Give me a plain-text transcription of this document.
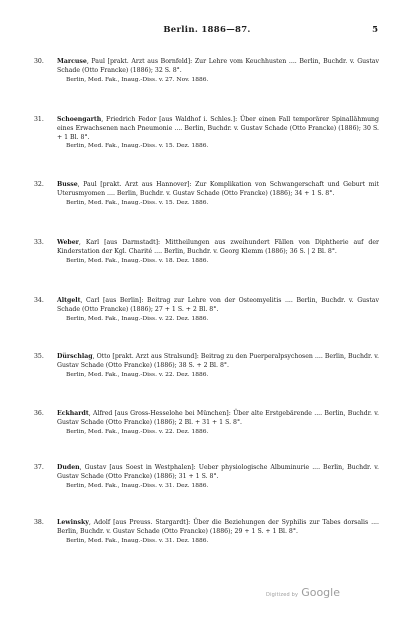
Berlin. 1886—87.	5
30. Marcuse, Paul [prakt. Arzt aus Bornfeld]: Zur Lehre vom Keuchhusten .... Berlin, Buchdr. v. Gustav Schade (Otto Francke) (1886); 32 S. 8°.
Berlin, Med. Fak., Inaug.-Diss. v. 27. Nov. 1886.
31. Schoengarth, Friedrich Fedor [aus Waldhof i. Schles.]: Über einen Fall temporärer Spinallähmung eines Erwachsenen nach Pneumonie .... Berlin, Buchdr. v. Gustav Schade (Otto Francke) (1886); 30 S. + 1 Bl. 8°.
Berlin, Med. Fak., Inaug.-Diss. v. 15. Dez. 1886.
32. Busse, Paul [prakt. Arzt aus Hannover]: Zur Komplikation von Schwangerschaft und Geburt mit Uterusmyomen .... Berlin, Buchdr. v. Gustav Schade (Otto Francke) (1886); 34 + 1 S. 8°.
Berlin, Med. Fak., Inaug.-Diss. v. 15. Dez. 1886.
33. Weber, Karl [aus Darmstadt]: Mittheilungen aus zweihundert Fällen von Diphtherie auf der Kinderstation der Kgl. Charité .... Berlin, Buchdr. v. Georg Klemm (1886); 36 S. | 2 Bl. 8°.
Berlin, Med. Fak., Inaug.-Diss. v. 18. Dez. 1886.
34. Altgelt, Carl [aus Berlin]: Beitrag zur Lehre von der Osteomyelitis .... Berlin, Buchdr. v. Gustav Schade (Otto Francke) (1886); 27 + 1 S. + 2 Bl. 8°.
Berlin, Med. Fak., Inaug.-Diss. v. 22. Dez. 1886.
35. Dürschlag, Otto [prakt. Arzt aus Stralsund]: Beitrag zu den Puerperalpsychosen .... Berlin, Buchdr. v. Gustav Schade (Otto Francke) (1886); 38 S. + 2 Bl. 8°.
Berlin, Med. Fak., Inaug.-Diss. v. 22. Dez. 1886.
36. Eckhardt, Alfred [aus Gross-Hesselohe bei München]: Über alte Erstgebärende .... Berlin, Buchdr. v. Gustav Schade (Otto Francke) (1886); 2 Bl. + 31 + 1 S. 8°.
Berlin, Med. Fak., Inaug.-Diss. v. 22. Dez. 1886.
37. Duden, Gustav [aus Soest in Westphalen]: Ueber physiologische Albuminurie .... Berlin, Buchdr. v. Gustav Schade (Otto Francke) (1886); 31 + 1 S. 8°.
Berlin, Med. Fak., Inaug.-Diss. v. 31. Dez. 1886.
38. Lewinsky, Adolf [aus Preuss. Stargardt]: Über die Beziehungen der Syphilis zur Tabes dorsalis .... Berlin, Buchdr. v. Gustav Schade (Otto Francke) (1886); 29 + 1 S. + 1 Bl. 8°.
Berlin, Med. Fak., Inaug.-Diss. v. 31. Dez. 1886.
Digitized by Google
